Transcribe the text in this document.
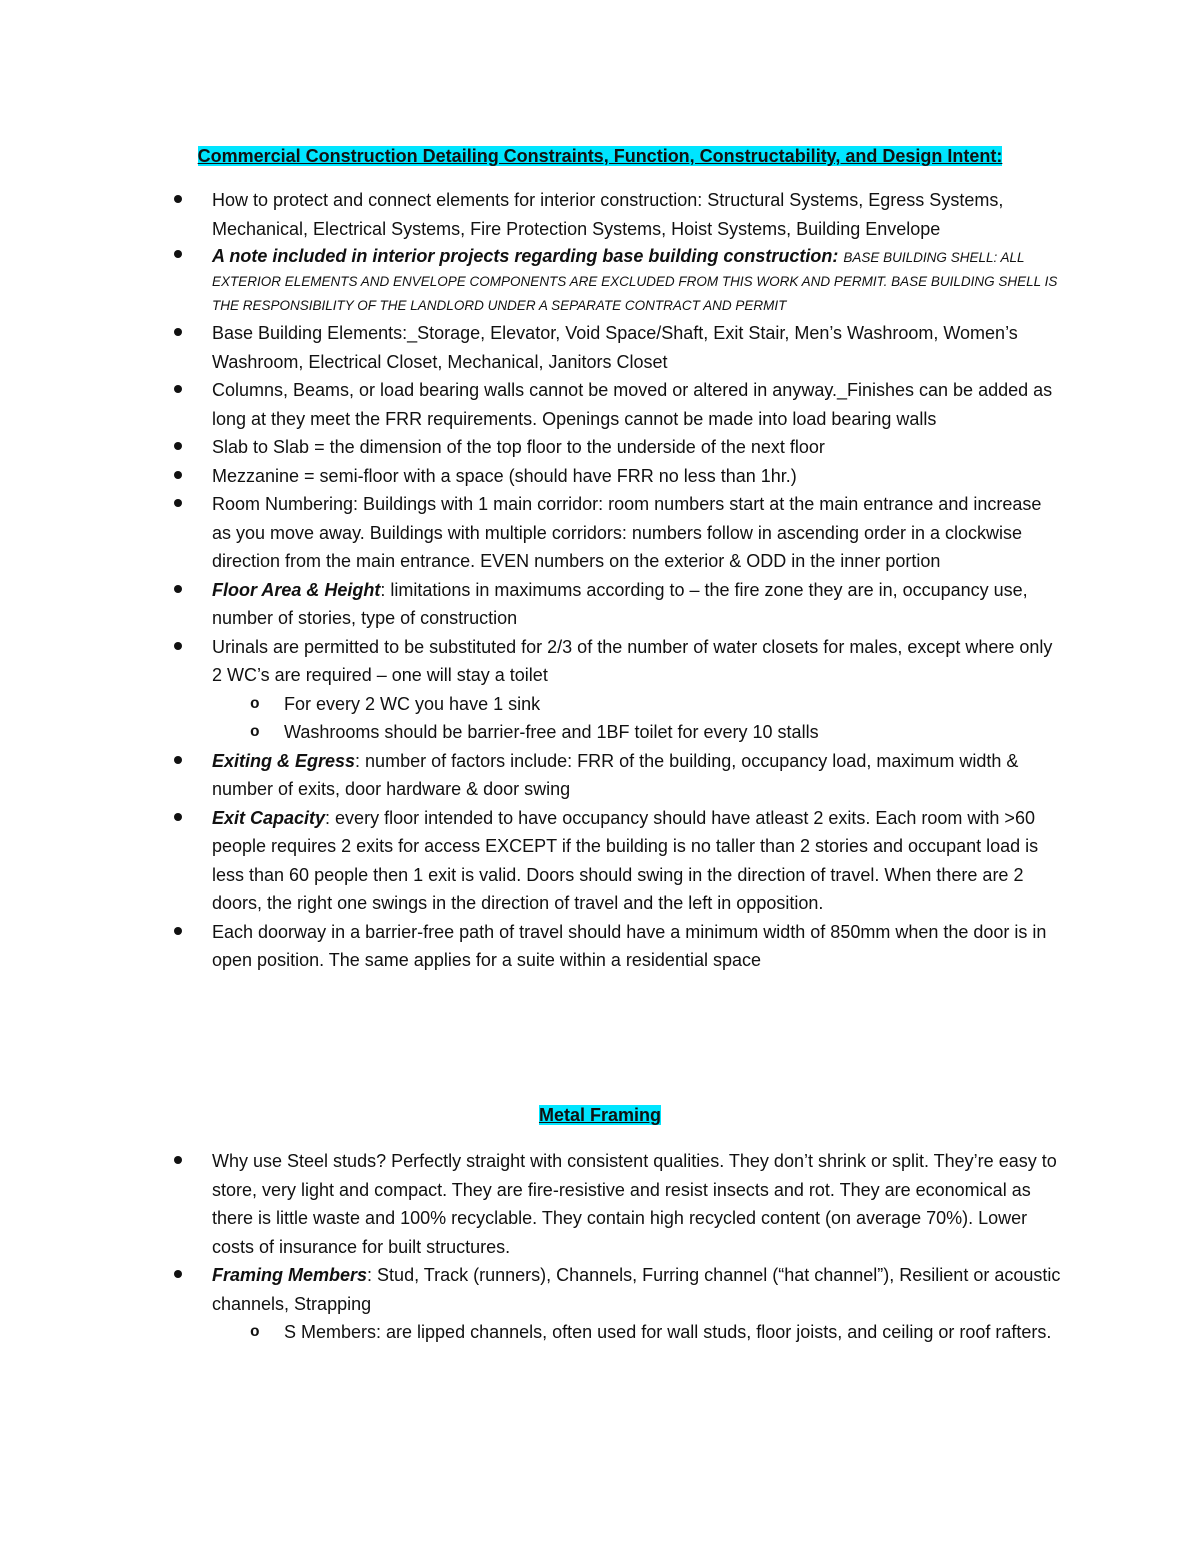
Commercial Construction Detailing Constraints, Function, Constructability, and Design Intent:
How to protect and connect elements for interior construction: Structural Systems, Egress Systems, Mechanical, Electrical Systems, Fire Protection Systems, Hoist Systems, Building Envelope
A note included in interior projects regarding base building construction: BASE BUILDING SHELL: ALL EXTERIOR ELEMENTS AND ENVELOPE COMPONENTS ARE EXCLUDED FROM THIS WORK AND PERMIT. BASE BUILDING SHELL IS THE RESPONSIBILITY OF THE LANDLORD UNDER A SEPARATE CONTRACT AND PERMIT
Base Building Elements:_Storage, Elevator, Void Space/Shaft, Exit Stair, Men’s Washroom, Women’s Washroom, Electrical Closet, Mechanical, Janitors Closet
Columns, Beams, or load bearing walls cannot be moved or altered in anyway._Finishes can be added as long at they meet the FRR requirements. Openings cannot be made into load bearing walls
Slab to Slab = the dimension of the top floor to the underside of the next floor
Mezzanine = semi-floor with a space (should have FRR no less than 1hr.)
Room Numbering: Buildings with 1 main corridor: room numbers start at the main entrance and increase as you move away. Buildings with multiple corridors: numbers follow in ascending order in a clockwise direction from the main entrance. EVEN numbers on the exterior & ODD in the inner portion
Floor Area & Height: limitations in maximums according to – the fire zone they are in, occupancy use, number of stories, type of construction
Urinals are permitted to be substituted for 2/3 of the number of water closets for males, except where only 2 WC’s are required – one will stay a toilet
o For every 2 WC you have 1 sink
o Washrooms should be barrier-free and 1BF toilet for every 10 stalls
Exiting & Egress: number of factors include: FRR of the building, occupancy load, maximum width & number of exits, door hardware & door swing
Exit Capacity: every floor intended to have occupancy should have atleast 2 exits. Each room with >60 people requires 2 exits for access EXCEPT if the building is no taller than 2 stories and occupant load is less than 60 people then 1 exit is valid. Doors should swing in the direction of travel. When there are 2 doors, the right one swings in the direction of travel and the left in opposition.
Each doorway in a barrier-free path of travel should have a minimum width of 850mm when the door is in open position. The same applies for a suite within a residential space
Metal Framing
Why use Steel studs? Perfectly straight with consistent qualities. They don’t shrink or split. They’re easy to store, very light and compact. They are fire-resistive and resist insects and rot. They are economical as there is little waste and 100% recyclable. They contain high recycled content (on average 70%). Lower costs of insurance for built structures.
Framing Members: Stud, Track (runners), Channels, Furring channel (“hat channel”), Resilient or acoustic channels, Strapping
o S Members: are lipped channels, often used for wall studs, floor joists, and ceiling or roof rafters.
